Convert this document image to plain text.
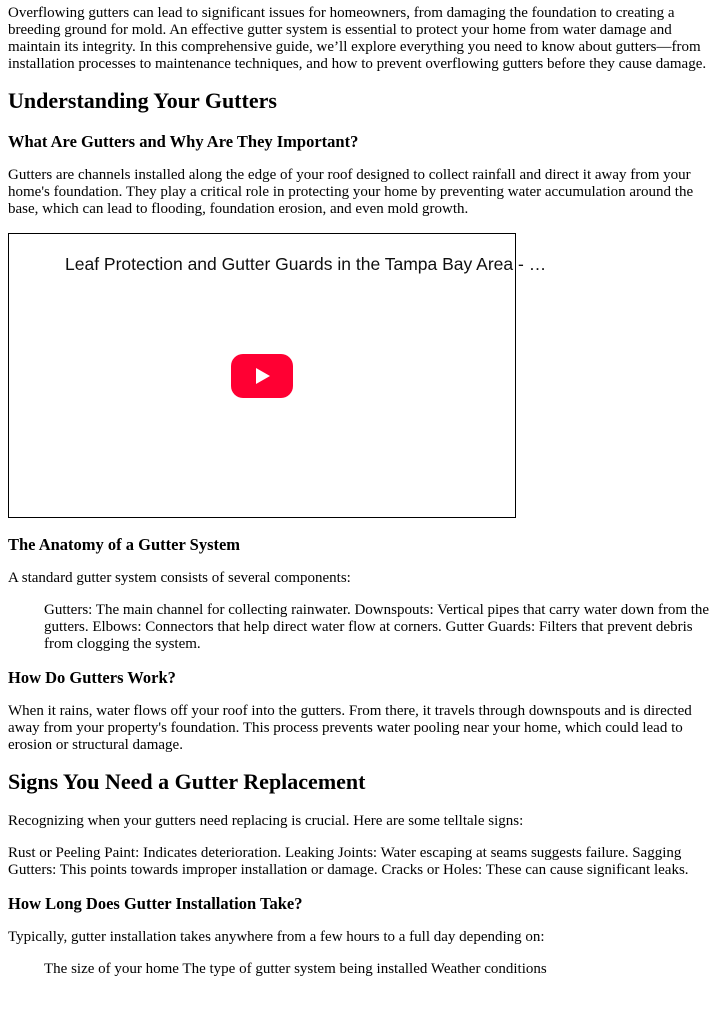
Overflowing gutters can lead to significant issues for homeowners, from damaging the foundation to creating a breeding ground for mold. An effective gutter system is essential to protect your home from water damage and maintain its integrity. In this comprehensive guide, we’ll explore everything you need to know about gutters—from installation processes to maintenance techniques, and how to prevent overflowing gutters before they cause damage.

Understanding Your Gutters
What Are Gutters and Why Are They Important?

Gutters are channels installed along the edge of your roof designed to collect rainfall and direct it away from your home's foundation. They play a critical role in protecting your home by preventing water accumulation around the base, which can lead to flooding, foundation erosion, and even mold growth.

Leaf Protection and Gutter Guards in the Tampa Bay Area - …
The Anatomy of a Gutter System

A standard gutter system consists of several components:

Gutters: The main channel for collecting rainwater. Downspouts: Vertical pipes that carry water down from the gutters. Elbows: Connectors that help direct water flow at corners. Gutter Guards: Filters that prevent debris from clogging the system.
How Do Gutters Work?

When it rains, water flows off your roof into the gutters. From there, it travels through downspouts and is directed away from your property's foundation. This process prevents water pooling near your home, which could lead to erosion or structural damage.

Signs You Need a Gutter Replacement

Recognizing when your gutters need replacing is crucial. Here are some telltale signs:

Rust or Peeling Paint: Indicates deterioration. Leaking Joints: Water escaping at seams suggests failure. Sagging Gutters: This points towards improper installation or damage. Cracks or Holes: These can cause significant leaks.

How Long Does Gutter Installation Take?

Typically, gutter installation takes anywhere from a few hours to a full day depending on:

The size of your home The type of gutter system being installed Weather conditions
